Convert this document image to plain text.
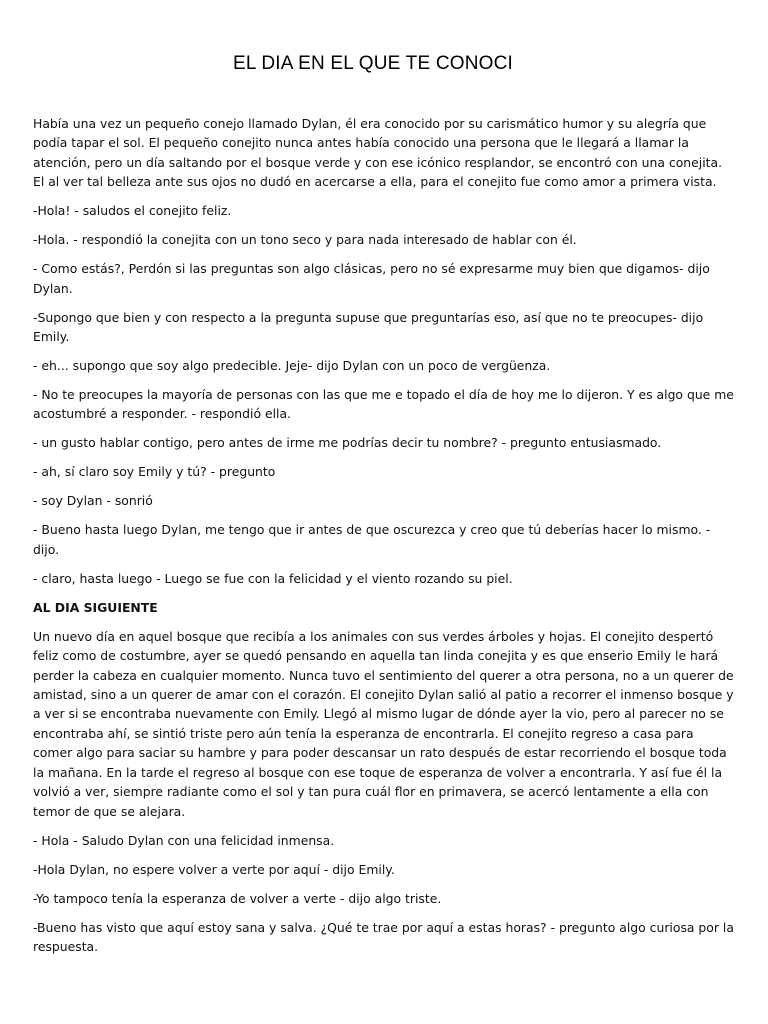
EL DIA EN EL QUE TE CONOCI

Había una vez un pequeño conejo llamado Dylan, él era conocido por su carismático humor y su alegría que podía tapar el sol. El pequeño conejito nunca antes había conocido una persona que le llegará a llamar la atención, pero un día saltando por el bosque verde y con ese icónico resplandor, se encontró con una conejita. El al ver tal belleza ante sus ojos no dudó en acercarse a ella, para el conejito fue como amor a primera vista.

-Hola! - saludos el conejito feliz.

-Hola. - respondió la conejita con un tono seco y para nada interesado de hablar con él.

- Como estás?, Perdón si las preguntas son algo clásicas, pero no sé expresarme muy bien que digamos- dijo Dylan.

-Supongo que bien y con respecto a la pregunta supuse que preguntarías eso, así que no te preocupes- dijo Emily.

- eh... supongo que soy algo predecible. Jeje- dijo Dylan con un poco de vergüenza.

- No te preocupes la mayoría de personas con las que me e topado el día de hoy me lo dijeron. Y es algo que me acostumbré a responder. - respondió ella.

- un gusto hablar contigo, pero antes de irme me podrías decir tu nombre? - pregunto entusiasmado.

- ah, sí claro soy Emily y tú? - pregunto

- soy Dylan - sonrió

- Bueno hasta luego Dylan, me tengo que ir antes de que oscurezca y creo que tú deberías hacer lo mismo. - dijo.

- claro, hasta luego - Luego se fue con la felicidad y el viento rozando su piel.

AL DIA SIGUIENTE

Un nuevo día en aquel bosque que recibía a los animales con sus verdes árboles y hojas. El conejito despertó feliz como de costumbre, ayer se quedó pensando en aquella tan linda conejita y es que enserio Emily le hará perder la cabeza en cualquier momento. Nunca tuvo el sentimiento del querer a otra persona, no a un querer de amistad, sino a un querer de amar con el corazón. El conejito Dylan salió al patio a recorrer el inmenso bosque y a ver si se encontraba nuevamente con Emily. Llegó al mismo lugar de dónde ayer la vio, pero al parecer no se encontraba ahí, se sintió triste pero aún tenía la esperanza de encontrarla. El conejito regreso a casa para comer algo para saciar su hambre y para poder descansar un rato después de estar recorriendo el bosque toda la mañana. En la tarde el regreso al bosque con ese toque de esperanza de volver a encontrarla. Y así fue él la volvió a ver, siempre radiante como el sol y tan pura cuál flor en primavera, se acercó lentamente a ella con temor de que se alejara.

- Hola - Saludo Dylan con una felicidad inmensa.

-Hola Dylan, no espere volver a verte por aquí - dijo Emily.

-Yo tampoco tenía la esperanza de volver a verte - dijo algo triste.

-Bueno has visto que aquí estoy sana y salva. ¿Qué te trae por aquí a estas horas? - pregunto algo curiosa por la respuesta.
